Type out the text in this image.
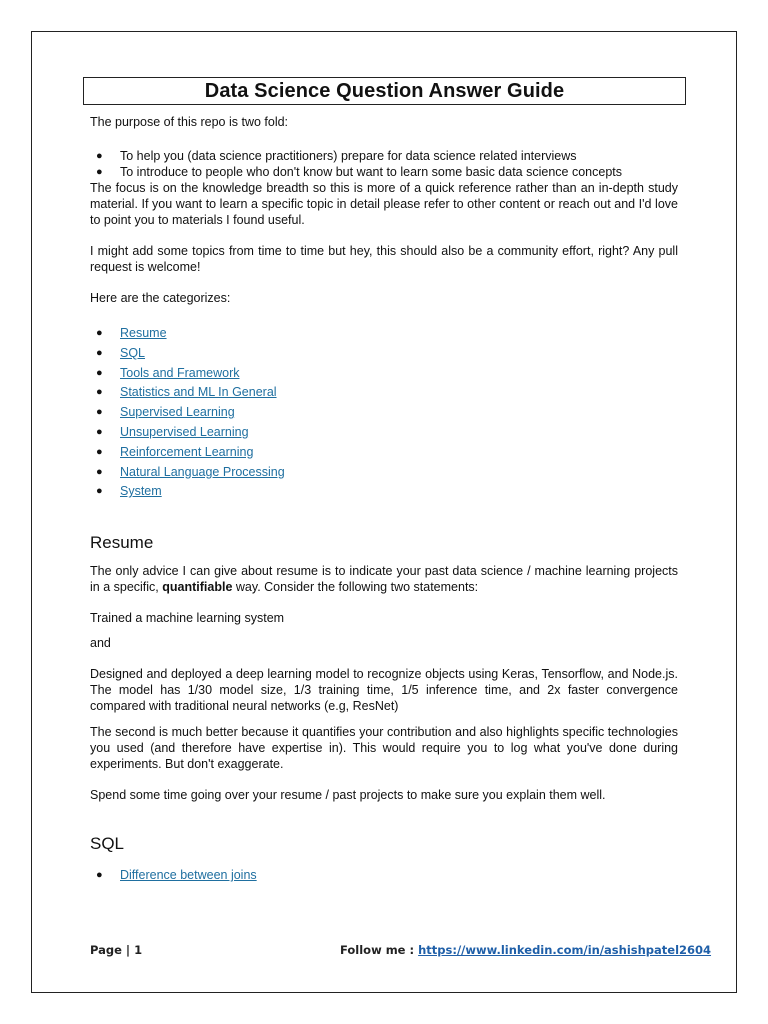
Data Science Question Answer Guide

The purpose of this repo is two fold:

● To help you (data science practitioners) prepare for data science related interviews
● To introduce to people who don't know but want to learn some basic data science concepts

The focus is on the knowledge breadth so this is more of a quick reference rather than an in-depth study material. If you want to learn a specific topic in detail please refer to other content or reach out and I'd love to point you to materials I found useful.

I might add some topics from time to time but hey, this should also be a community effort, right? Any pull request is welcome!

Here are the categorizes:

● Resume
● SQL
● Tools and Framework
● Statistics and ML In General
● Supervised Learning
● Unsupervised Learning
● Reinforcement Learning
● Natural Language Processing
● System
Resume

The only advice I can give about resume is to indicate your past data science / machine learning projects in a specific, quantifiable way. Consider the following two statements:

Trained a machine learning system

and

Designed and deployed a deep learning model to recognize objects using Keras, Tensorflow, and Node.js. The model has 1/30 model size, 1/3 training time, 1/5 inference time, and 2x faster convergence compared with traditional neural networks (e.g, ResNet)

The second is much better because it quantifies your contribution and also highlights specific technologies you used (and therefore have expertise in). This would require you to log what you've done during experiments. But don't exaggerate.

Spend some time going over your resume / past projects to make sure you explain them well.

SQL
● Difference between joins
Page | 1	Follow me : https://www.linkedin.com/in/ashishpatel2604
